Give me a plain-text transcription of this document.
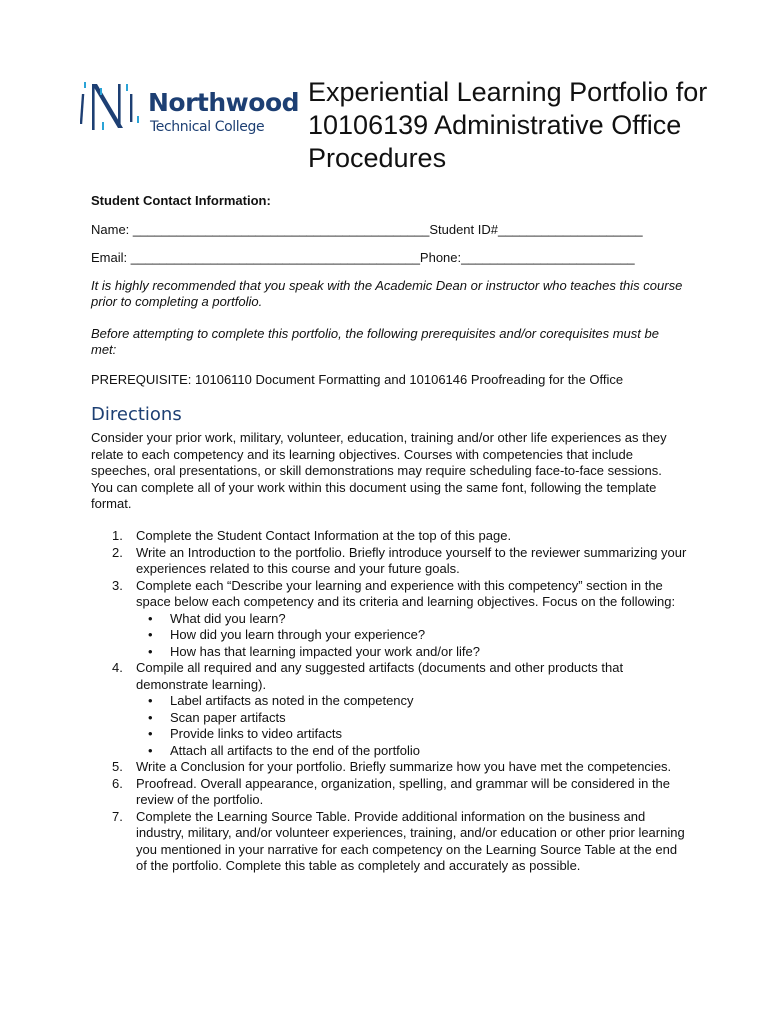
Northwood
Technical College
Experiential Learning Portfolio for 10106139 Administrative Office Procedures
Student Contact Information:
Name: _________________________________________Student ID#____________________
Email: ________________________________________Phone:________________________
It is highly recommended that you speak with the Academic Dean or instructor who teaches this course prior to completing a portfolio.
Before attempting to complete this portfolio, the following prerequisites and/or corequisites must be met:
PREREQUISITE: 10106110 Document Formatting and 10106146 Proofreading for the Office
Directions
Consider your prior work, military, volunteer, education, training and/or other life experiences as they relate to each competency and its learning objectives. Courses with competencies that include speeches, oral presentations, or skill demonstrations may require scheduling face-to-face sessions. You can complete all of your work within this document using the same font, following the template format.
1. Complete the Student Contact Information at the top of this page.
2. Write an Introduction to the portfolio. Briefly introduce yourself to the reviewer summarizing your experiences related to this course and your future goals.
3. Complete each “Describe your learning and experience with this competency” section in the space below each competency and its criteria and learning objectives. Focus on the following:
• What did you learn?
• How did you learn through your experience?
• How has that learning impacted your work and/or life?
4. Compile all required and any suggested artifacts (documents and other products that demonstrate learning).
• Label artifacts as noted in the competency
• Scan paper artifacts
• Provide links to video artifacts
• Attach all artifacts to the end of the portfolio
5. Write a Conclusion for your portfolio. Briefly summarize how you have met the competencies.
6. Proofread. Overall appearance, organization, spelling, and grammar will be considered in the review of the portfolio.
7. Complete the Learning Source Table. Provide additional information on the business and industry, military, and/or volunteer experiences, training, and/or education or other prior learning you mentioned in your narrative for each competency on the Learning Source Table at the end of the portfolio. Complete this table as completely and accurately as possible.
